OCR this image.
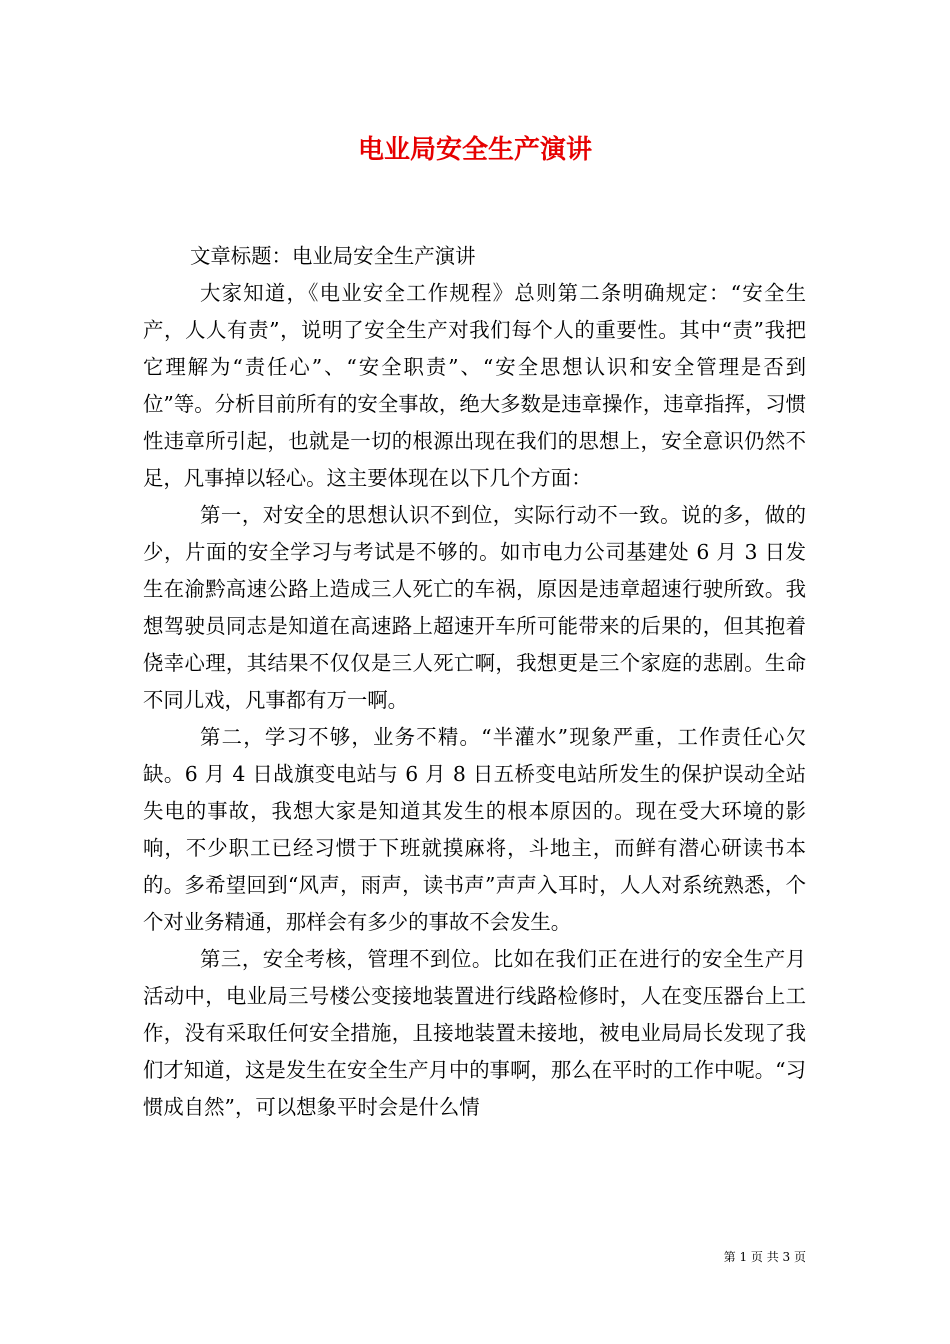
电业局安全生产演讲

文章标题：电业局安全生产演讲

大家知道，《电业安全工作规程》总则第二条明确规定：“安全生产，人人有责”，说明了安全生产对我们每个人的重要性。其中“责”我把它理解为“责任心”、“安全职责”、“安全思想认识和安全管理是否到位”等。分析目前所有的安全事故，绝大多数是违章操作，违章指挥，习惯性违章所引起，也就是一切的根源出现在我们的思想上，安全意识仍然不足，凡事掉以轻心。这主要体现在以下几个方面：

第一，对安全的思想认识不到位，实际行动不一致。说的多，做的少，片面的安全学习与考试是不够的。如市电力公司基建处 6 月 3 日发生在渝黔高速公路上造成三人死亡的车祸，原因是违章超速行驶所致。我想驾驶员同志是知道在高速路上超速开车所可能带来的后果的，但其抱着侥幸心理，其结果不仅仅是三人死亡啊，我想更是三个家庭的悲剧。生命不同儿戏，凡事都有万一啊。

第二，学习不够，业务不精。“半灌水”现象严重，工作责任心欠缺。6 月 4 日战旗变电站与 6 月 8 日五桥变电站所发生的保护误动全站失电的事故，我想大家是知道其发生的根本原因的。现在受大环境的影响，不少职工已经习惯于下班就摸麻将，斗地主，而鲜有潜心研读书本的。多希望回到“风声，雨声，读书声”声声入耳时，人人对系统熟悉，个个对业务精通，那样会有多少的事故不会发生。

第三，安全考核，管理不到位。比如在我们正在进行的安全生产月活动中，电业局三号楼公变接地装置进行线路检修时，人在变压器台上工作，没有采取任何安全措施，且接地装置未接地，被电业局局长发现了我们才知道，这是发生在安全生产月中的事啊，那么在平时的工作中呢。“习惯成自然”，可以想象平时会是什么情

第 1 页 共 3 页
